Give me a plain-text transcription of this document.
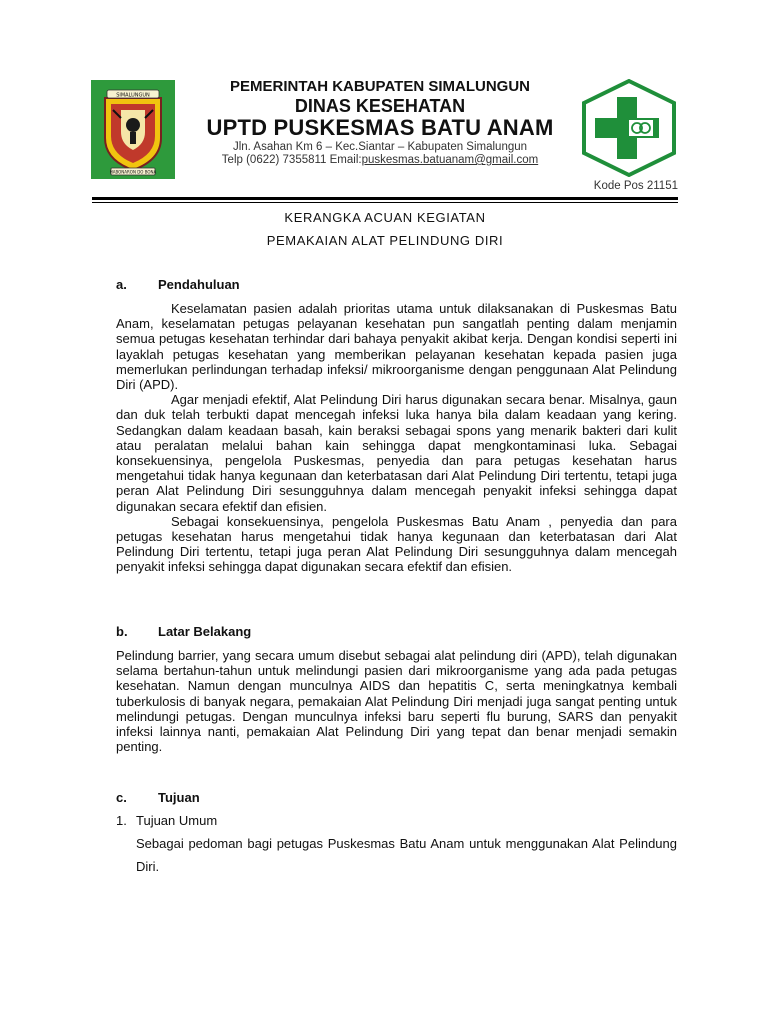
SIMALUNGUN
HABONARON DO BONA
PEMERINTAH KABUPATEN SIMALUNGUN
DINAS KESEHATAN
UPTD PUSKESMAS BATU ANAM
Jln. Asahan Km 6 – Kec.Siantar – Kabupaten Simalungun
Telp (0622) 7355811 Email:puskesmas.batuanam@gmail.com
Kode Pos 21151
KERANGKA ACUAN KEGIATAN
PEMAKAIAN ALAT PELINDUNG DIRI
a. Pendahuluan

Keselamatan pasien adalah prioritas utama untuk dilaksanakan di Puskesmas Batu Anam, keselamatan petugas pelayanan kesehatan pun sangatlah penting dalam menjamin semua petugas kesehatan terhindar dari bahaya penyakit akibat kerja. Dengan kondisi seperti ini layaklah petugas kesehatan yang memberikan pelayanan kesehatan kepada pasien juga memerlukan perlindungan terhadap infeksi/ mikroorganisme dengan penggunaan Alat Pelindung Diri (APD).

Agar menjadi efektif, Alat Pelindung Diri harus digunakan secara benar. Misalnya, gaun dan duk telah terbukti dapat mencegah infeksi luka hanya bila dalam keadaan yang kering. Sedangkan dalam keadaan basah, kain beraksi sebagai spons yang menarik bakteri dari kulit atau peralatan melalui bahan kain sehingga dapat mengkontaminasi luka. Sebagai konsekuensinya, pengelola Puskesmas, penyedia dan para petugas kesehatan harus mengetahui tidak hanya kegunaan dan keterbatasan dari Alat Pelindung Diri tertentu, tetapi juga peran Alat Pelindung Diri sesungguhnya dalam mencegah penyakit infeksi sehingga dapat digunakan secara efektif dan efisien.

Sebagai konsekuensinya, pengelola Puskesmas Batu Anam , penyedia dan para petugas kesehatan harus mengetahui tidak hanya kegunaan dan keterbatasan dari Alat Pelindung Diri tertentu, tetapi juga peran Alat Pelindung Diri sesungguhnya dalam mencegah penyakit infeksi sehingga dapat digunakan secara efektif dan efisien.

b. Latar Belakang

Pelindung barrier, yang secara umum disebut sebagai alat pelindung diri (APD), telah digunakan selama bertahun-tahun untuk melindungi pasien dari mikroorganisme yang ada pada petugas kesehatan. Namun dengan munculnya AIDS dan hepatitis C, serta meningkatnya kembali tuberkulosis di banyak negara, pemakaian Alat Pelindung Diri menjadi juga sangat penting untuk melindungi petugas. Dengan munculnya infeksi baru seperti flu burung, SARS dan penyakit infeksi lainnya nanti, pemakaian Alat Pelindung Diri yang tepat dan benar menjadi semakin penting.

c. Tujuan
1. Tujuan Umum
Sebagai pedoman bagi petugas Puskesmas Batu Anam untuk menggunakan Alat Pelindung Diri.
